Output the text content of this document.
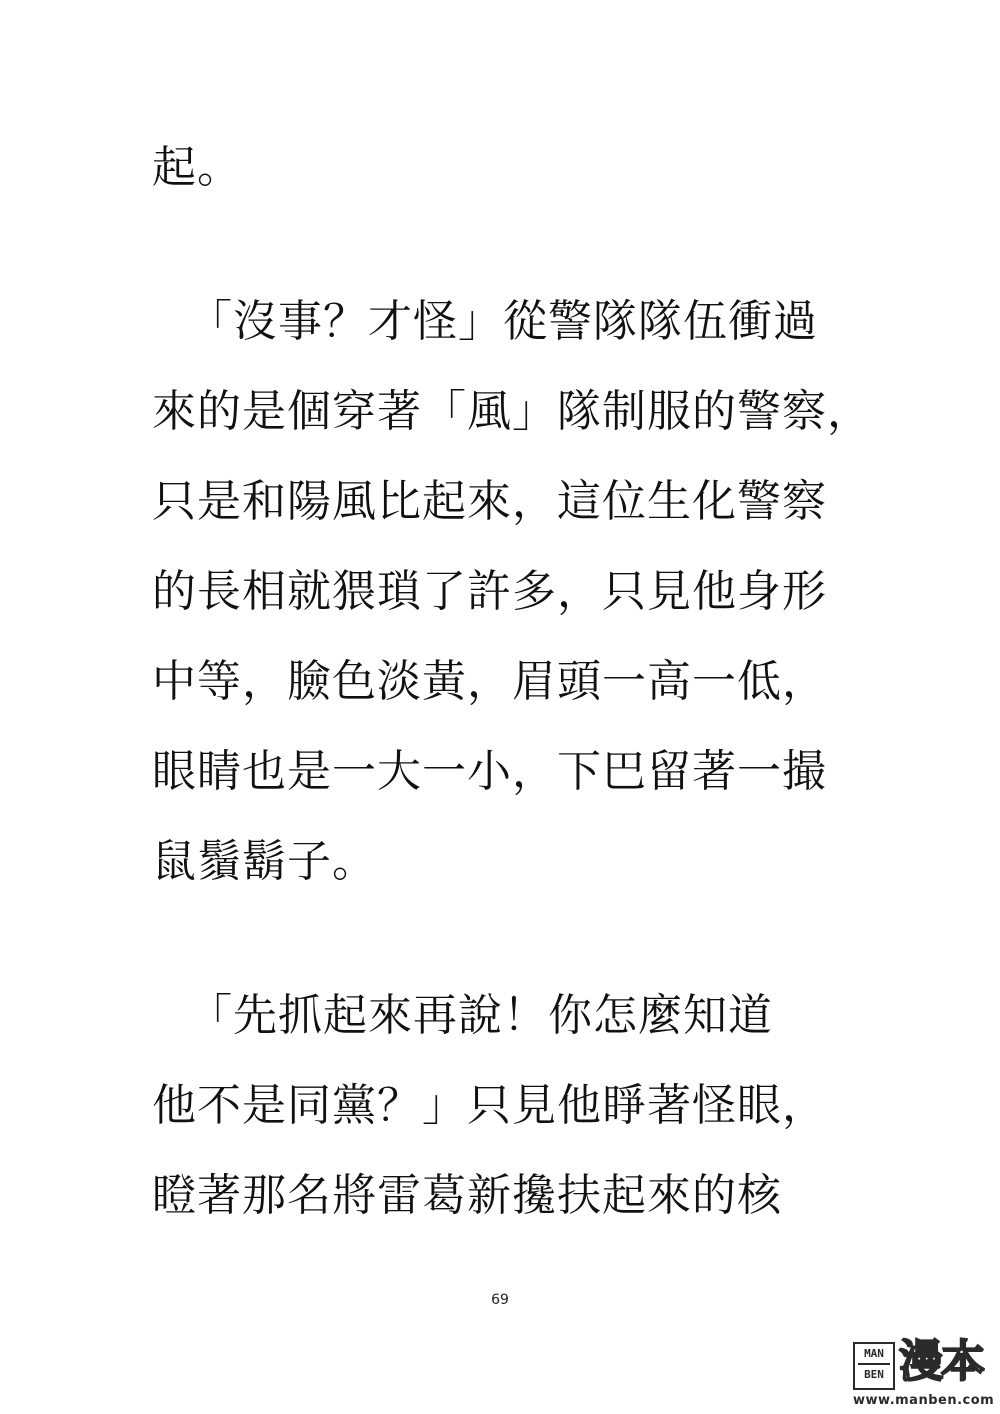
起。
「沒事？才怪」從警隊隊伍衝過
來的是個穿著「風」隊制服的警察，
只是和陽風比起來，這位生化警察
的長相就猥瑣了許多，只見他身形
中等，臉色淡黃，眉頭一高一低，
眼睛也是一大一小，下巴留著一撮
鼠鬚鬍子。
「先抓起來再說！你怎麼知道
他不是同黨？」只見他睜著怪眼，
瞪著那名將雷葛新攙扶起來的核
69
MAN
BEN 漫本
www.manben.com
